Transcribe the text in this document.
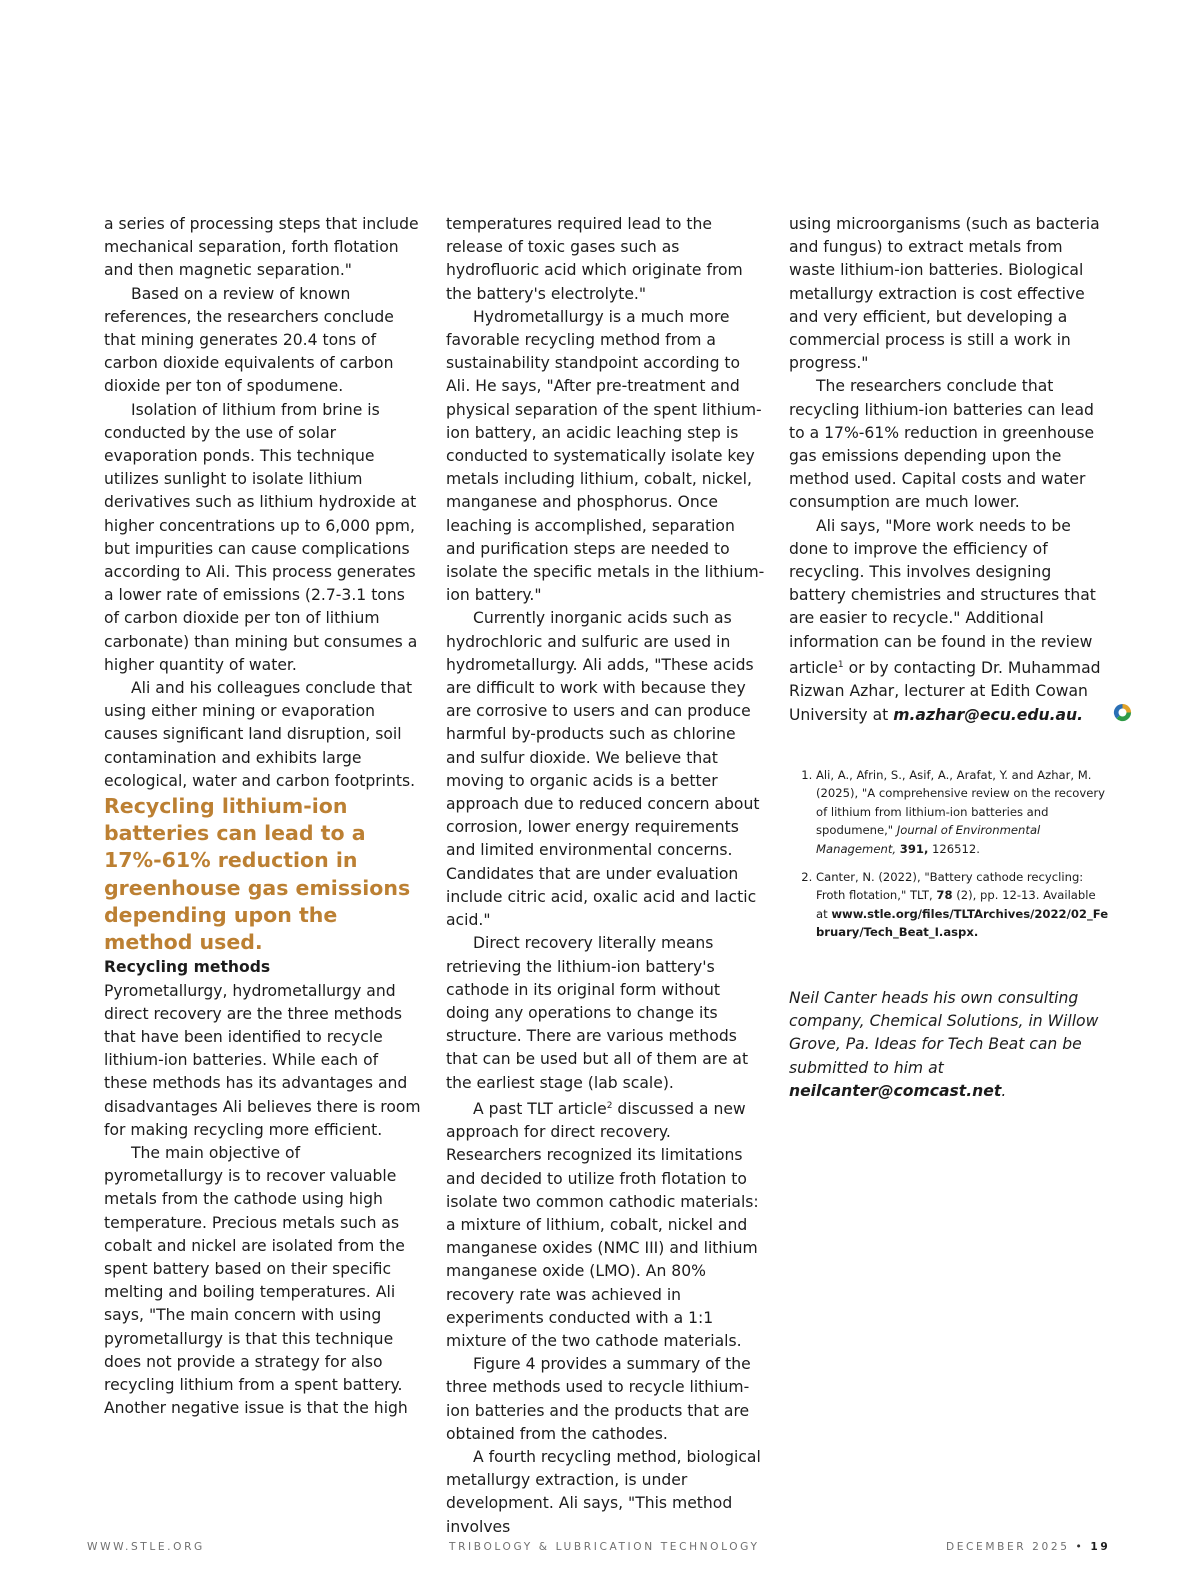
a series of processing steps that include mechanical separation, forth flotation and then magnetic separation."

Based on a review of known references, the researchers conclude that mining generates 20.4 tons of carbon dioxide equivalents of carbon dioxide per ton of spodumene.

Isolation of lithium from brine is conducted by the use of solar evaporation ponds. This technique utilizes sunlight to isolate lithium derivatives such as lithium hydroxide at higher concentrations up to 6,000 ppm, but impurities can cause complications according to Ali. This process generates a lower rate of emissions (2.7-3.1 tons of carbon dioxide per ton of lithium carbonate) than mining but consumes a higher quantity of water.

Ali and his colleagues conclude that using either mining or evaporation causes significant land disruption, soil contamination and exhibits large ecological, water and carbon footprints.

Recycling lithium-ion batteries can lead to a 17%-61% reduction in greenhouse gas emissions depending upon the method used.

Recycling methods

Pyrometallurgy, hydrometallurgy and direct recovery are the three methods that have been identified to recycle lithium-ion batteries. While each of these methods has its advantages and disadvantages Ali believes there is room for making recycling more efficient.

The main objective of pyrometallurgy is to recover valuable metals from the cathode using high temperature. Precious metals such as cobalt and nickel are isolated from the spent battery based on their specific melting and boiling temperatures. Ali says, "The main concern with using pyrometallurgy is that this technique does not provide a strategy for also recycling lithium from a spent battery. Another negative issue is that the high

temperatures required lead to the release of toxic gases such as hydrofluoric acid which originate from the battery's electrolyte."

Hydrometallurgy is a much more favorable recycling method from a sustainability standpoint according to Ali. He says, "After pre-treatment and physical separation of the spent lithium-ion battery, an acidic leaching step is conducted to systematically isolate key metals including lithium, cobalt, nickel, manganese and phosphorus. Once leaching is accomplished, separation and purification steps are needed to isolate the specific metals in the lithium-ion battery."

Currently inorganic acids such as hydrochloric and sulfuric are used in hydrometallurgy. Ali adds, "These acids are difficult to work with because they are corrosive to users and can produce harmful by-products such as chlorine and sulfur dioxide. We believe that moving to organic acids is a better approach due to reduced concern about corrosion, lower energy requirements and limited environmental concerns. Candidates that are under evaluation include citric acid, oxalic acid and lactic acid."

Direct recovery literally means retrieving the lithium-ion battery's cathode in its original form without doing any operations to change its structure. There are various methods that can be used but all of them are at the earliest stage (lab scale).

A past TLT article$^2$ discussed a new approach for direct recovery. Researchers recognized its limitations and decided to utilize froth flotation to isolate two common cathodic materials: a mixture of lithium, cobalt, nickel and manganese oxides (NMC III) and lithium manganese oxide (LMO). An 80% recovery rate was achieved in experiments conducted with a 1:1 mixture of the two cathode materials.

Figure 4 provides a summary of the three methods used to recycle lithium-ion batteries and the products that are obtained from the cathodes.

A fourth recycling method, biological metallurgy extraction, is under development. Ali says, "This method involves

using microorganisms (such as bacteria and fungus) to extract metals from waste lithium-ion batteries. Biological metallurgy extraction is cost effective and very efficient, but developing a commercial process is still a work in progress."

The researchers conclude that recycling lithium-ion batteries can lead to a 17%-61% reduction in greenhouse gas emissions depending upon the method used. Capital costs and water consumption are much lower.

Ali says, "More work needs to be done to improve the efficiency of recycling. This involves designing battery chemistries and structures that are easier to recycle." Additional information can be found in the review article$^1$ or by contacting Dr. Muhammad Rizwan Azhar, lecturer at Edith Cowan University at m.azhar@ecu.edu.au.

1. Ali, A., Afrin, S., Asif, A., Arafat, Y. and Azhar, M. (2025), "A comprehensive review on the recovery of lithium from lithium-ion batteries and spodumene," Journal of Environmental Management, 391, 126512.
2. Canter, N. (2022), "Battery cathode recycling: Froth flotation," TLT, 78 (2), pp. 12-13. Available at www.stle.org/files/TLTArchives/2022/02_February/Tech_Beat_I.aspx.

Neil Canter heads his own consulting company, Chemical Solutions, in Willow Grove, Pa. Ideas for Tech Beat can be submitted to him at neilcanter@comcast.net.

WWW.STLE.ORG	TRIBOLOGY & LUBRICATION TECHNOLOGY	DECEMBER 2025 • 19
